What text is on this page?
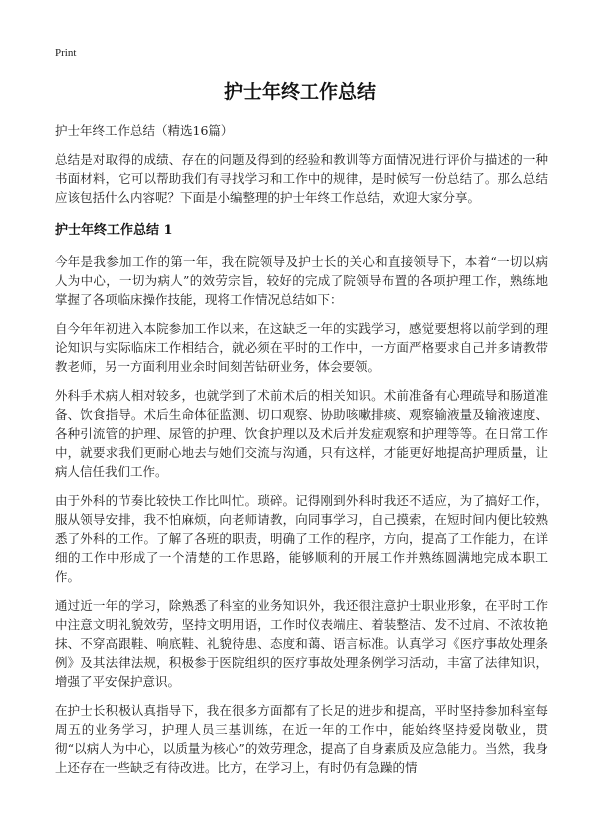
Print
护士年终工作总结

护士年终工作总结（精选16篇）

总结是对取得的成绩、存在的问题及得到的经验和教训等方面情况进行评价与描述的一种书面材料，它可以帮助我们有寻找学习和工作中的规律，是时候写一份总结了。那么总结应该包括什么内容呢？下面是小编整理的护士年终工作总结，欢迎大家分享。

护士年终工作总结 1

今年是我参加工作的第一年，我在院领导及护士长的关心和直接领导下，本着“一切以病人为中心，一切为病人”的效劳宗旨，较好的完成了院领导布置的各项护理工作，熟练地掌握了各项临床操作技能，现将工作情况总结如下：

自今年年初进入本院参加工作以来，在这缺乏一年的实践学习，感觉要想将以前学到的理论知识与实际临床工作相结合，就必须在平时的工作中，一方面严格要求自己并多请教带教老师，另一方面利用业余时间刻苦钻研业务，体会要领。

外科手术病人相对较多，也就学到了术前术后的相关知识。术前准备有心理疏导和肠道准备、饮食指导。术后生命体征监测、切口观察、协助咳嗽排痰、观察输液量及输液速度、各种引流管的护理、尿管的护理、饮食护理以及术后并发症观察和护理等等。在日常工作中，就要求我们更耐心地去与她们交流与沟通，只有这样，才能更好地提高护理质量，让病人信任我们工作。

由于外科的节奏比较快工作比叫忙。琐碎。记得刚到外科时我还不适应，为了搞好工作，服从领导安排，我不怕麻烦，向老师请教，向同事学习，自己摸索，在短时间内便比较熟悉了外科的工作。了解了各班的职责，明确了工作的程序，方向，提高了工作能力，在详细的工作中形成了一个清楚的工作思路，能够顺利的开展工作并熟练圆满地完成本职工作。

通过近一年的学习，除熟悉了科室的业务知识外，我还很注意护士职业形象，在平时工作中注意文明礼貌效劳，坚持文明用语，工作时仪表端庄、着装整洁、发不过肩、不浓妆艳抹、不穿高跟鞋、响底鞋、礼貌待患、态度和蔼、语言标准。认真学习《医疗事故处理条例》及其法律法规，积极参于医院组织的医疗事故处理条例学习活动，丰富了法律知识，增强了平安保护意识。

在护士长积极认真指导下，我在很多方面都有了长足的进步和提高，平时坚持参加科室每周五的业务学习，护理人员三基训练，在近一年的工作中，能始终坚持爱岗敬业，贯彻“以病人为中心，以质量为核心”的效劳理念，提高了自身素质及应急能力。当然，我身上还存在一些缺乏有待改进。比方，在学习上，有时仍有急躁的情
